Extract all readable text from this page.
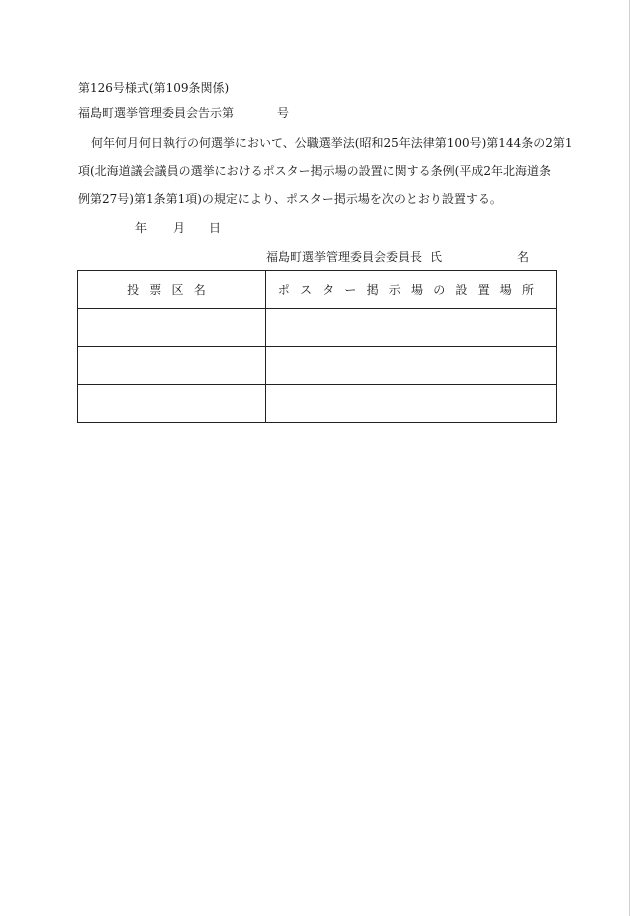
第126号様式(第109条関係)
福島町選挙管理委員会告示第	号
何年何月何日執行の何選挙において、公職選挙法(昭和25年法律第100号)第144条の2第1
項(北海道議会議員の選挙におけるポスター掲示場の設置に関する条例(平成2年北海道条
例第27号)第1条第1項)の規定により、ポスター掲示場を次のとおり設置する。
年 月 日
福島町選挙管理委員会委員長 氏	名
投票区名	ポスター掲示場の設置場所
